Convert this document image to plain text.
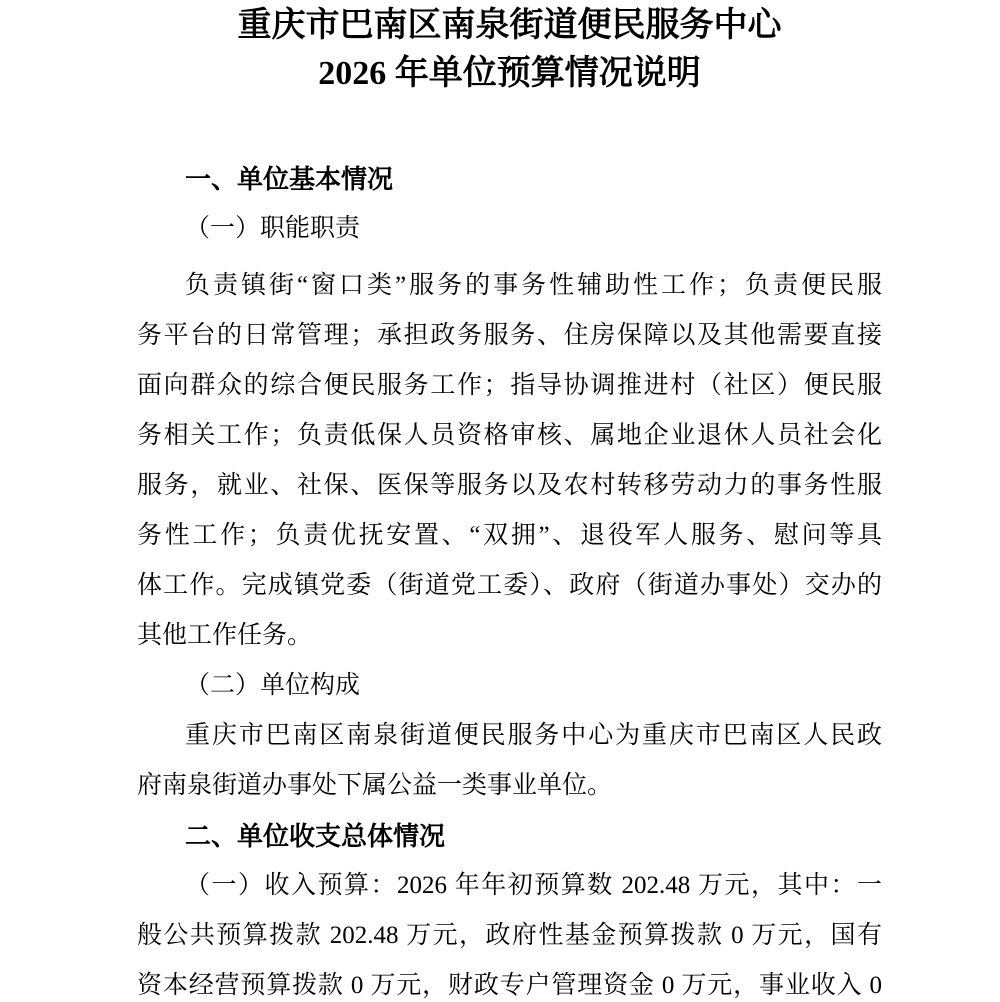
重庆市巴南区南泉街道便民服务中心
2026 年单位预算情况说明
一、单位基本情况
（一）职能职责
负责镇街“窗口类”服务的事务性辅助性工作；负责便民服
务平台的日常管理；承担政务服务、住房保障以及其他需要直接
面向群众的综合便民服务工作；指导协调推进村（社区）便民服
务相关工作；负责低保人员资格审核、属地企业退休人员社会化
服务，就业、社保、医保等服务以及农村转移劳动力的事务性服
务性工作；负责优抚安置、“双拥”、退役军人服务、慰问等具
体工作。完成镇党委（街道党工委）、政府（街道办事处）交办的
其他工作任务。
（二）单位构成
重庆市巴南区南泉街道便民服务中心为重庆市巴南区人民政
府南泉街道办事处下属公益一类事业单位。
二、单位收支总体情况
（一）收入预算：2026 年年初预算数 202.48 万元，其中：一
般公共预算拨款 202.48 万元，政府性基金预算拨款 0 万元，国有
资本经营预算拨款 0 万元，财政专户管理资金 0 万元，事业收入 0
